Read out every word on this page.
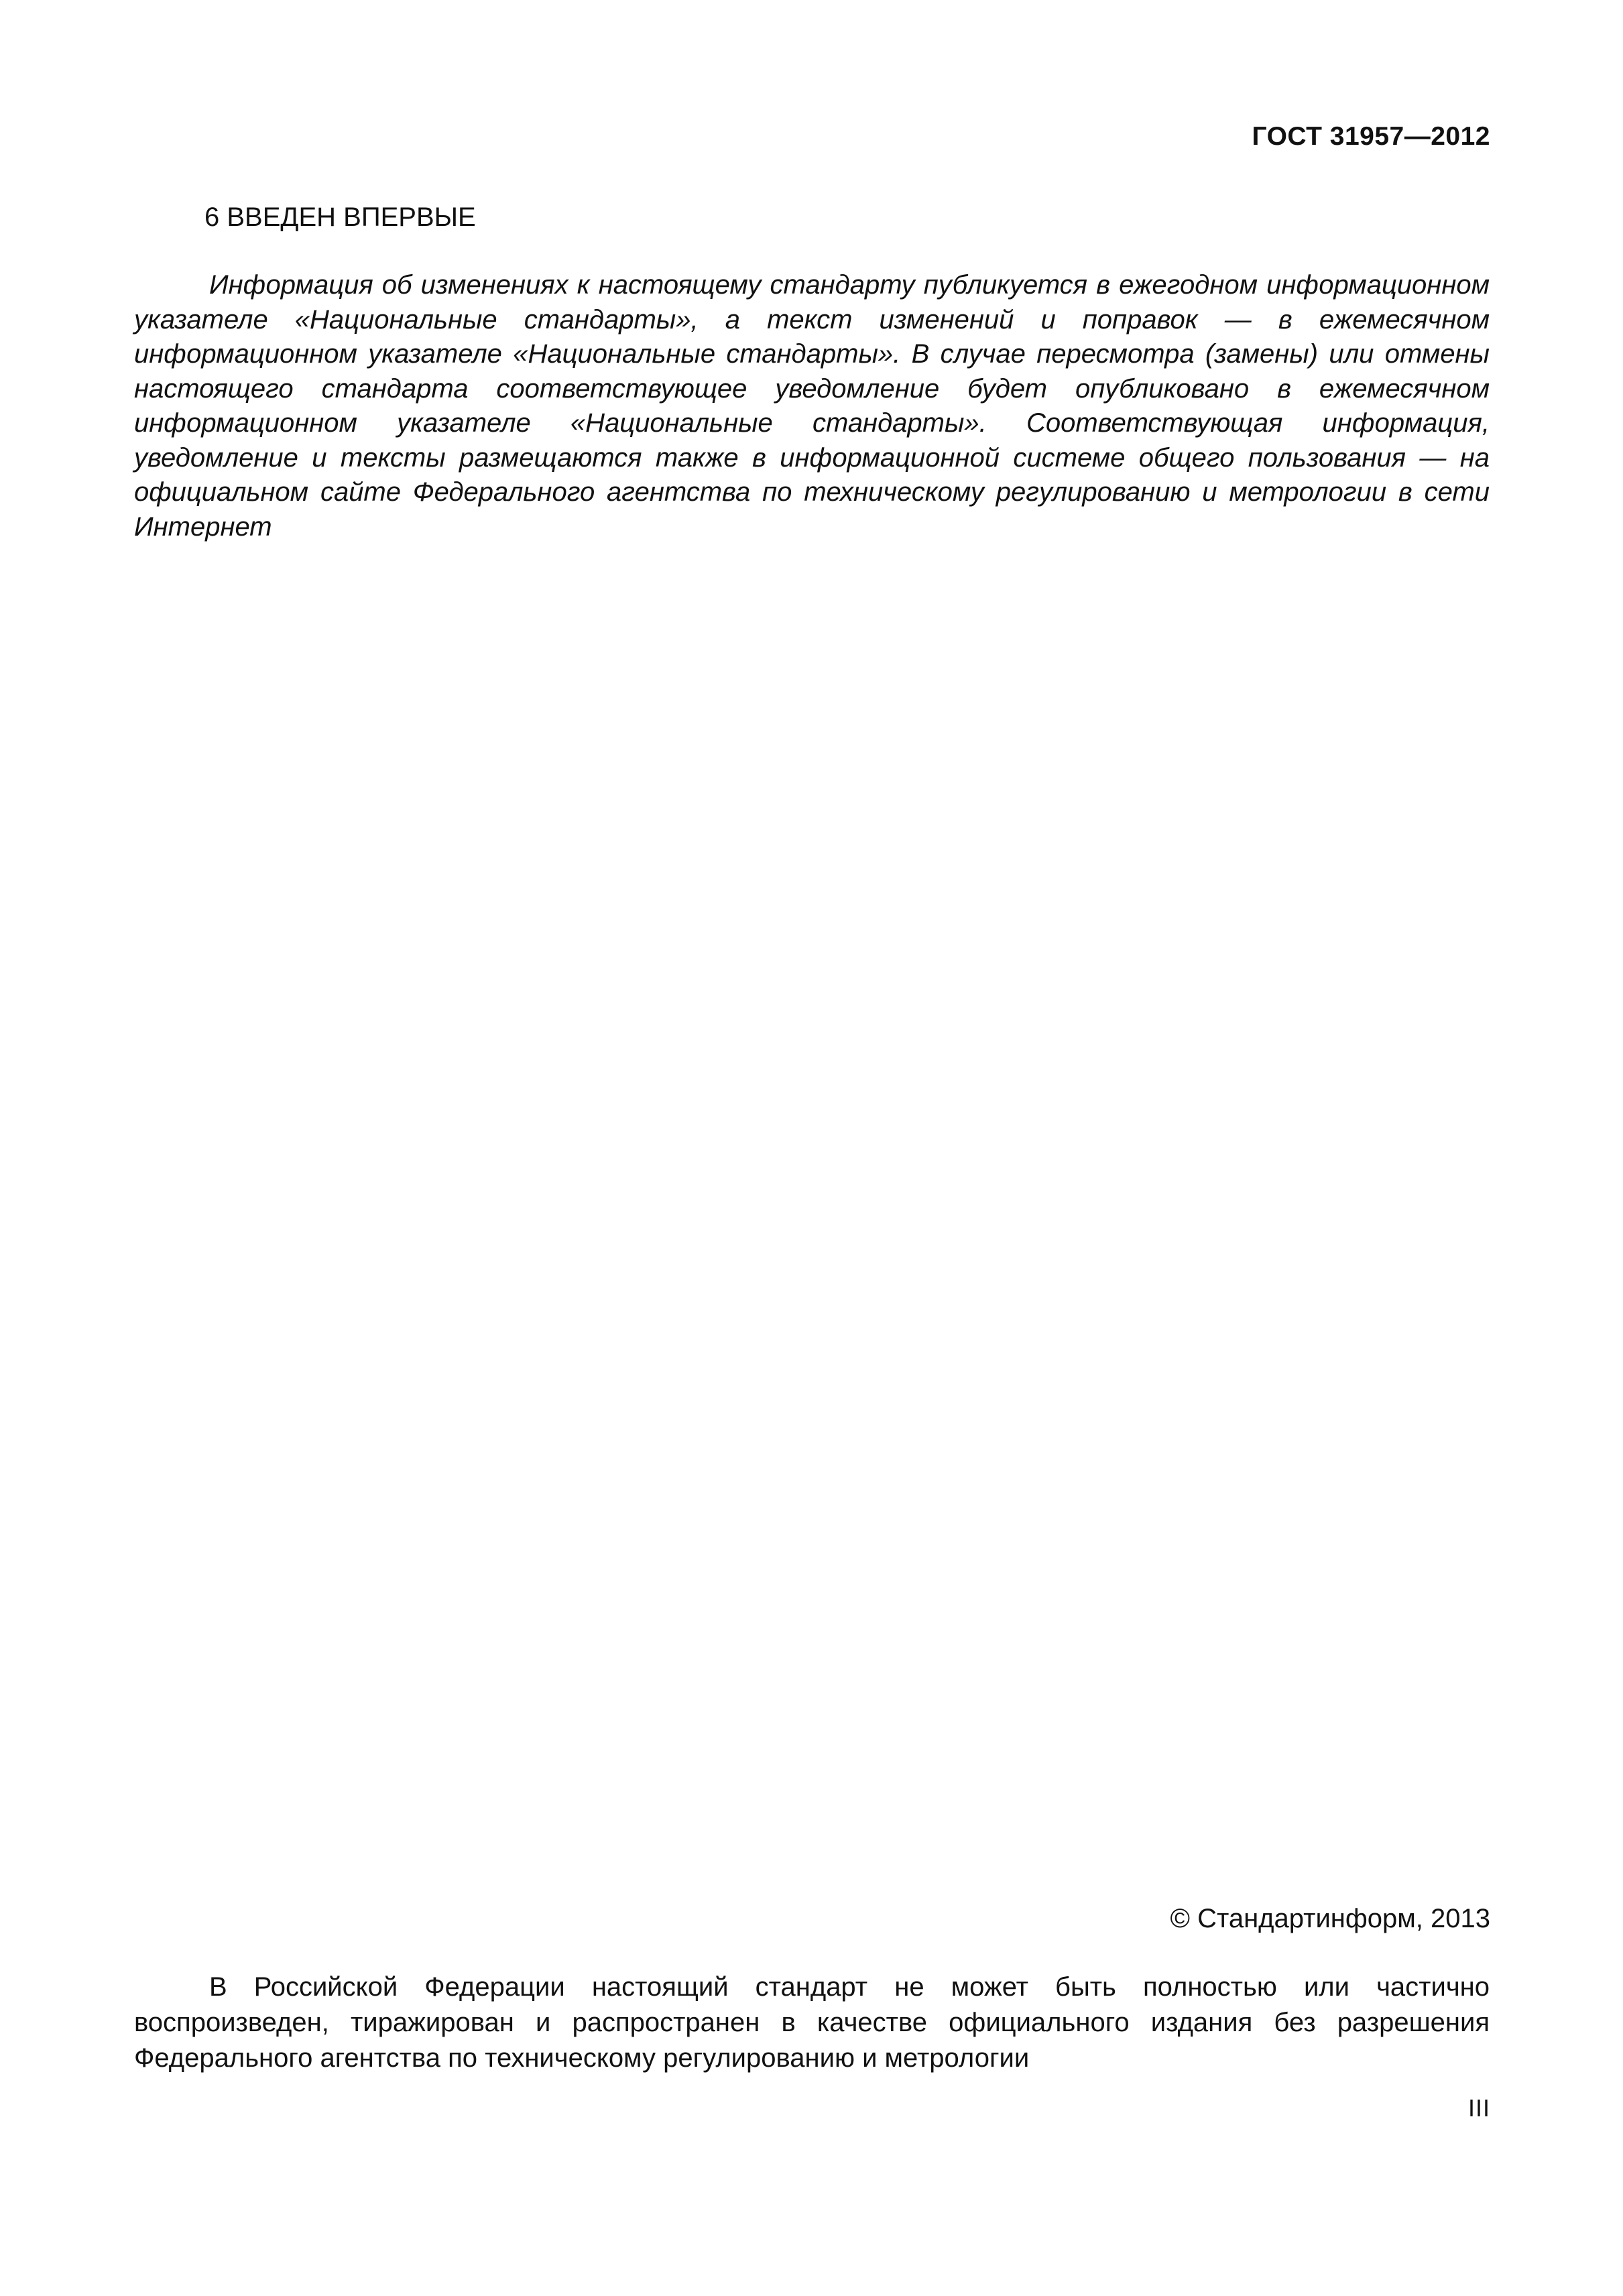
ГОСТ 31957—2012
6 ВВЕДЕН ВПЕРВЫЕ

Информация об изменениях к настоящему стандарту публикуется в ежегодном информационном указателе «Национальные стандарты», а текст изменений и поправок — в ежемесячном информационном указателе «Национальные стандарты». В случае пересмотра (замены) или отмены настоящего стандарта соответствующее уведомление будет опубликовано в ежемесячном информационном указателе «Национальные стандарты». Соответствующая информация, уведомление и тексты размещаются также в информационной системе общего пользования — на официальном сайте Федерального агентства по техническому регулированию и метрологии в сети Интернет

© Стандартинформ, 2013

В Российской Федерации настоящий стандарт не может быть полностью или частично воспроизведен, тиражирован и распространен в качестве официального издания без разрешения Федерального агентства по техническому регулированию и метрологии

III
